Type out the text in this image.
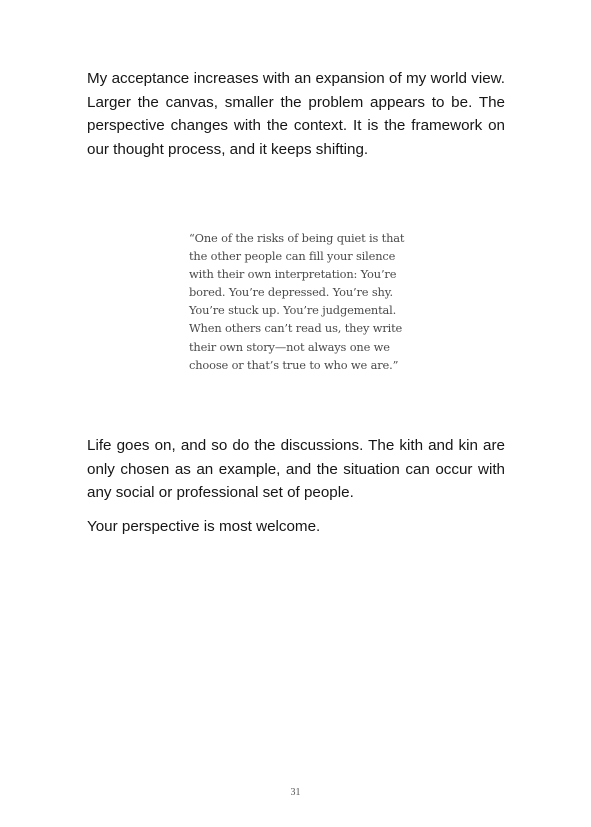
My acceptance increases with an expansion of my world view. Larger the canvas, smaller the problem appears to be. The perspective changes with the context. It is the framework on our thought process, and it keeps shifting.

“One of the risks of being quiet is that
the other people can fill your silence
with their own interpretation: You’re
bored. You’re depressed. You’re shy.
You’re stuck up. You’re judgemental.
When others can’t read us, they write
their own story—not always one we
choose or that’s true to who we are.”

Life goes on, and so do the discussions. The kith and kin are only chosen as an example, and the situation can occur with any social or professional set of people.

Your perspective is most welcome.

31
